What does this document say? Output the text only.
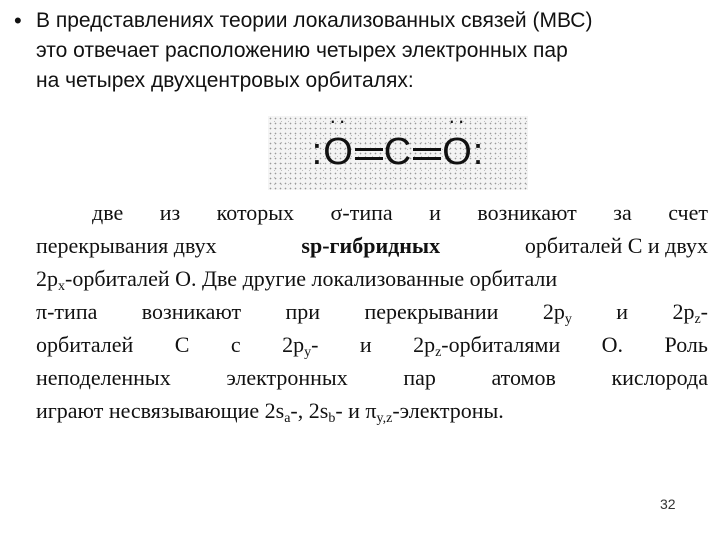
• В представлениях теории локализованных связей (МВС)
это отвечает расположению четырех электронных пар
на четырех двухцентровых орбиталях:
:
··
O C
··
O:
две из которых σ-типа и возникают за счет
перекрывания двух	sp-гибридных	орбиталей С и двух
$2p_x$-орбиталей О. Две другие локализованные орбитали
π-типа возникают при перекрывании $2p_y$ и $2p_z-$
орбиталей С с $2p_y-$ и $2p_z$-орбиталями О. Роль
неподеленных	электронных	пар	атомов	кислорода
играют несвязывающие $2s_a-$, $2s_b-$ и $\pi_{y,z}$-электроны.
32
